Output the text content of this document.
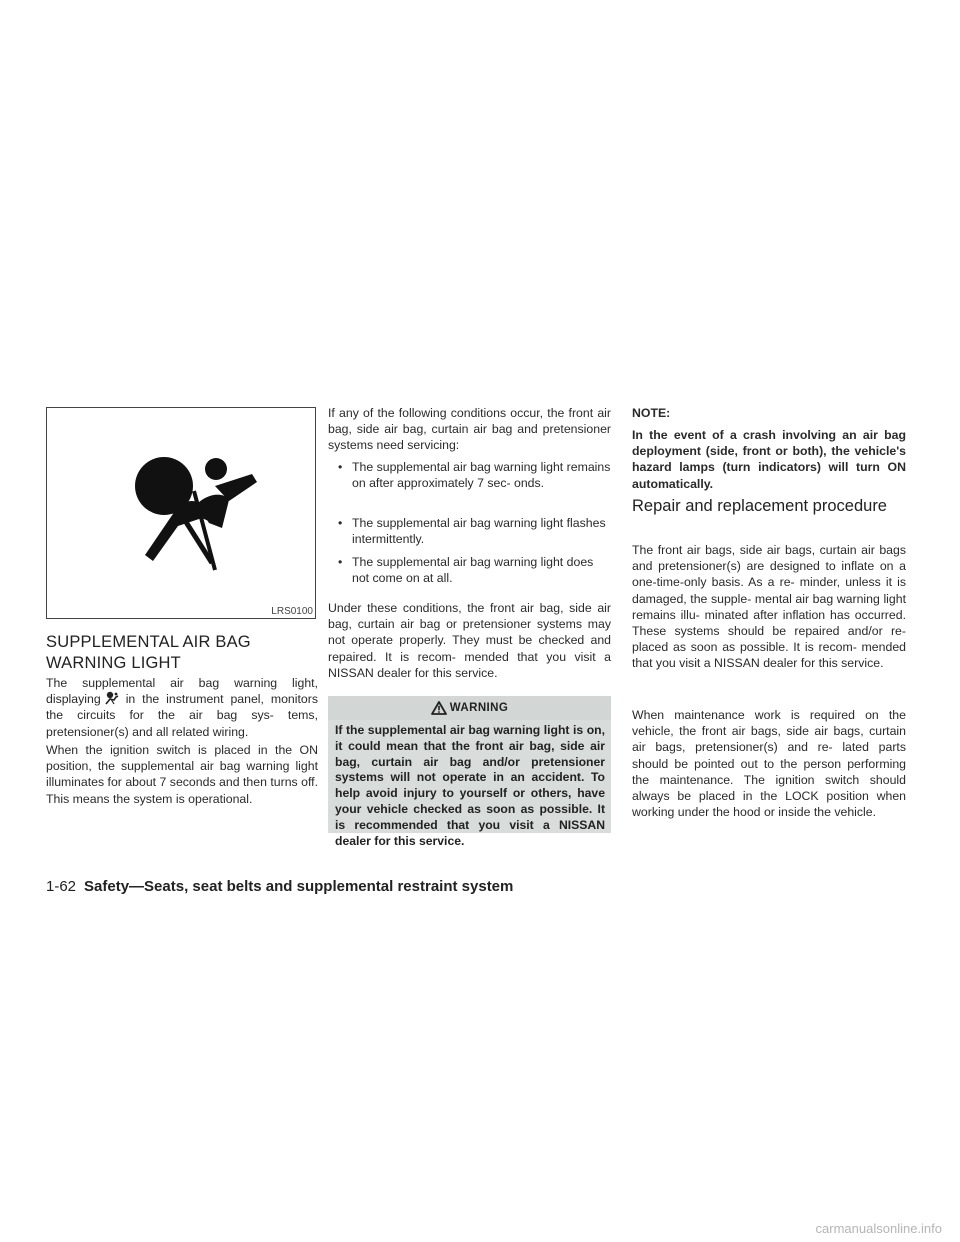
LRS0100
SUPPLEMENTAL AIR BAG WARNING LIGHT

The supplemental air bag warning light, displaying in the instrument panel, monitors the circuits for the air bag sys- tems, pretensioner(s) and all related wiring.

When the ignition switch is placed in the ON position, the supplemental air bag warning light illuminates for about 7 seconds and then turns off. This means the system is operational.

If any of the following conditions occur, the front air bag, side air bag, curtain air bag and pretensioner systems need servicing:

• The supplemental air bag warning light remains on after approximately 7 sec- onds.
• The supplemental air bag warning light flashes intermittently.
• The supplemental air bag warning light does not come on at all.

Under these conditions, the front air bag, side air bag, curtain air bag or pretensioner systems may not operate properly. They must be checked and repaired. It is recom- mended that you visit a NISSAN dealer for this service.

WARNING

If the supplemental air bag warning light is on, it could mean that the front air bag, side air bag, curtain air bag and/or pretensioner systems will not operate in an accident. To help avoid injury to yourself or others, have your vehicle checked as soon as possible. It is recommended that you visit a NISSAN dealer for this service.

NOTE:

In the event of a crash involving an air bag deployment (side, front or both), the vehicle's hazard lamps (turn indicators) will turn ON automatically.

Repair and replacement procedure

The front air bags, side air bags, curtain air bags and pretensioner(s) are designed to inflate on a one-time-only basis. As a re- minder, unless it is damaged, the supple- mental air bag warning light remains illu- minated after inflation has occurred. These systems should be repaired and/or re- placed as soon as possible. It is recom- mended that you visit a NISSAN dealer for this service.

When maintenance work is required on the vehicle, the front air bags, side air bags, curtain air bags, pretensioner(s) and re- lated parts should be pointed out to the person performing the maintenance. The ignition switch should always be placed in the LOCK position when working under the hood or inside the vehicle.

1-62 Safety—Seats, seat belts and supplemental restraint system
carmanualsonline.info
